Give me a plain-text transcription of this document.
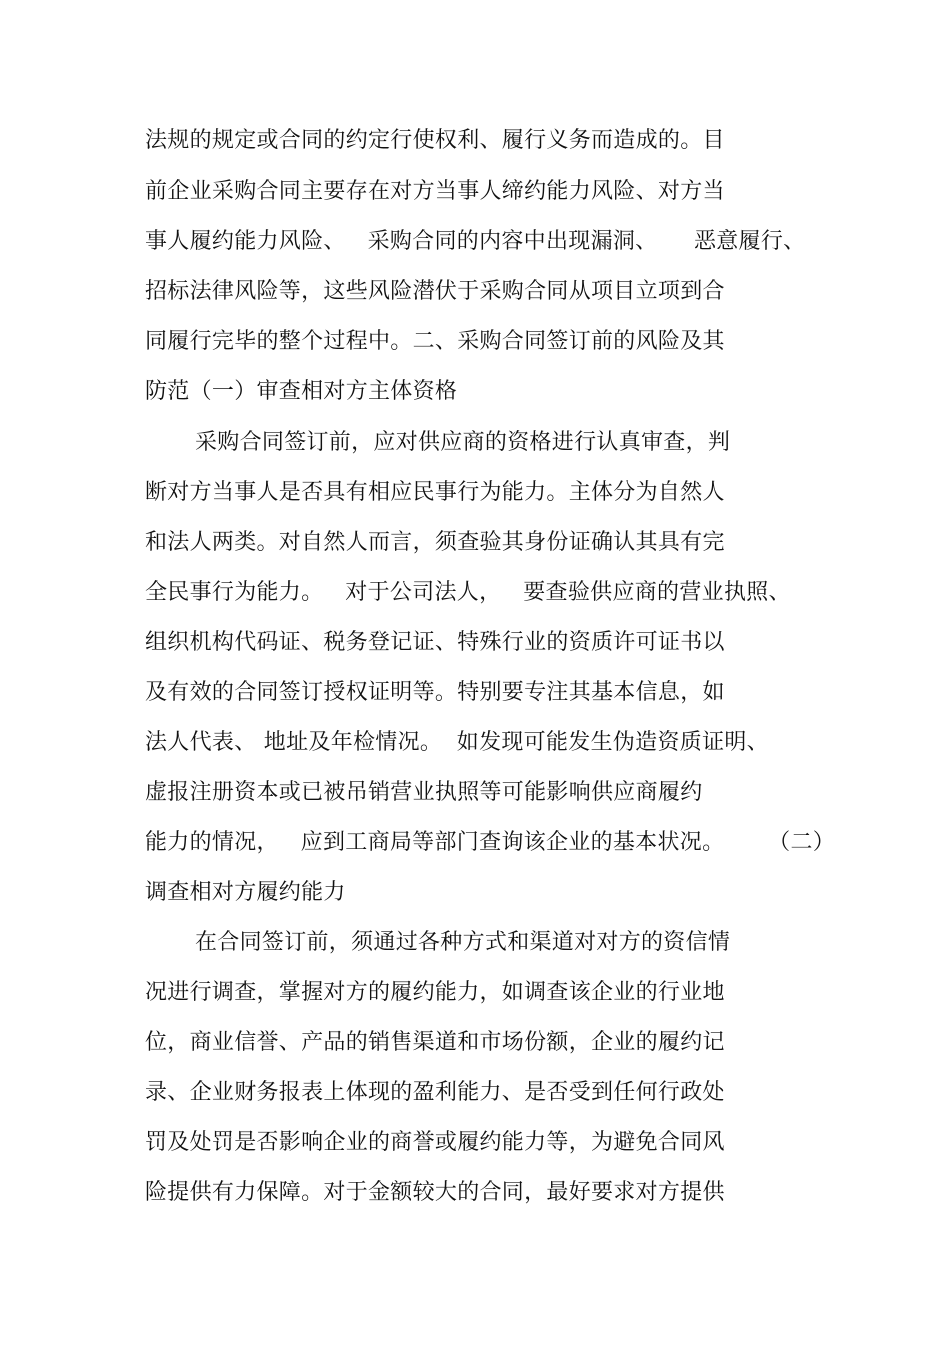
法规的规定或合同的约定行使权利、履行义务而造成的。目
前企业采购合同主要存在对方当事人缔约能力风险、对方当
事人履约能力风险、   采购合同的内容中出现漏洞、     恶意履行、
招标法律风险等，这些风险潜伏于采购合同从项目立项到合
同履行完毕的整个过程中。二、采购合同签订前的风险及其
防范（一）审查相对方主体资格
采购合同签订前，应对供应商的资格进行认真审查，判
断对方当事人是否具有相应民事行为能力。主体分为自然人
和法人两类。对自然人而言，须查验其身份证确认其具有完
全民事行为能力。   对于公司法人，   要查验供应商的营业执照、
组织机构代码证、税务登记证、特殊行业的资质许可证书以
及有效的合同签订授权证明等。特别要专注其基本信息，如
法人代表、 地址及年检情况。  如发现可能发生伪造资质证明、
虚报注册资本或已被吊销营业执照等可能影响供应商履约
能力的情况，   应到工商局等部门查询该企业的基本状况。      （二）
调查相对方履约能力
在合同签订前，须通过各种方式和渠道对对方的资信情
况进行调查，掌握对方的履约能力，如调查该企业的行业地
位，商业信誉、产品的销售渠道和市场份额，企业的履约记
录、企业财务报表上体现的盈利能力、是否受到任何行政处
罚及处罚是否影响企业的商誉或履约能力等，为避免合同风
险提供有力保障。对于金额较大的合同，最好要求对方提供
